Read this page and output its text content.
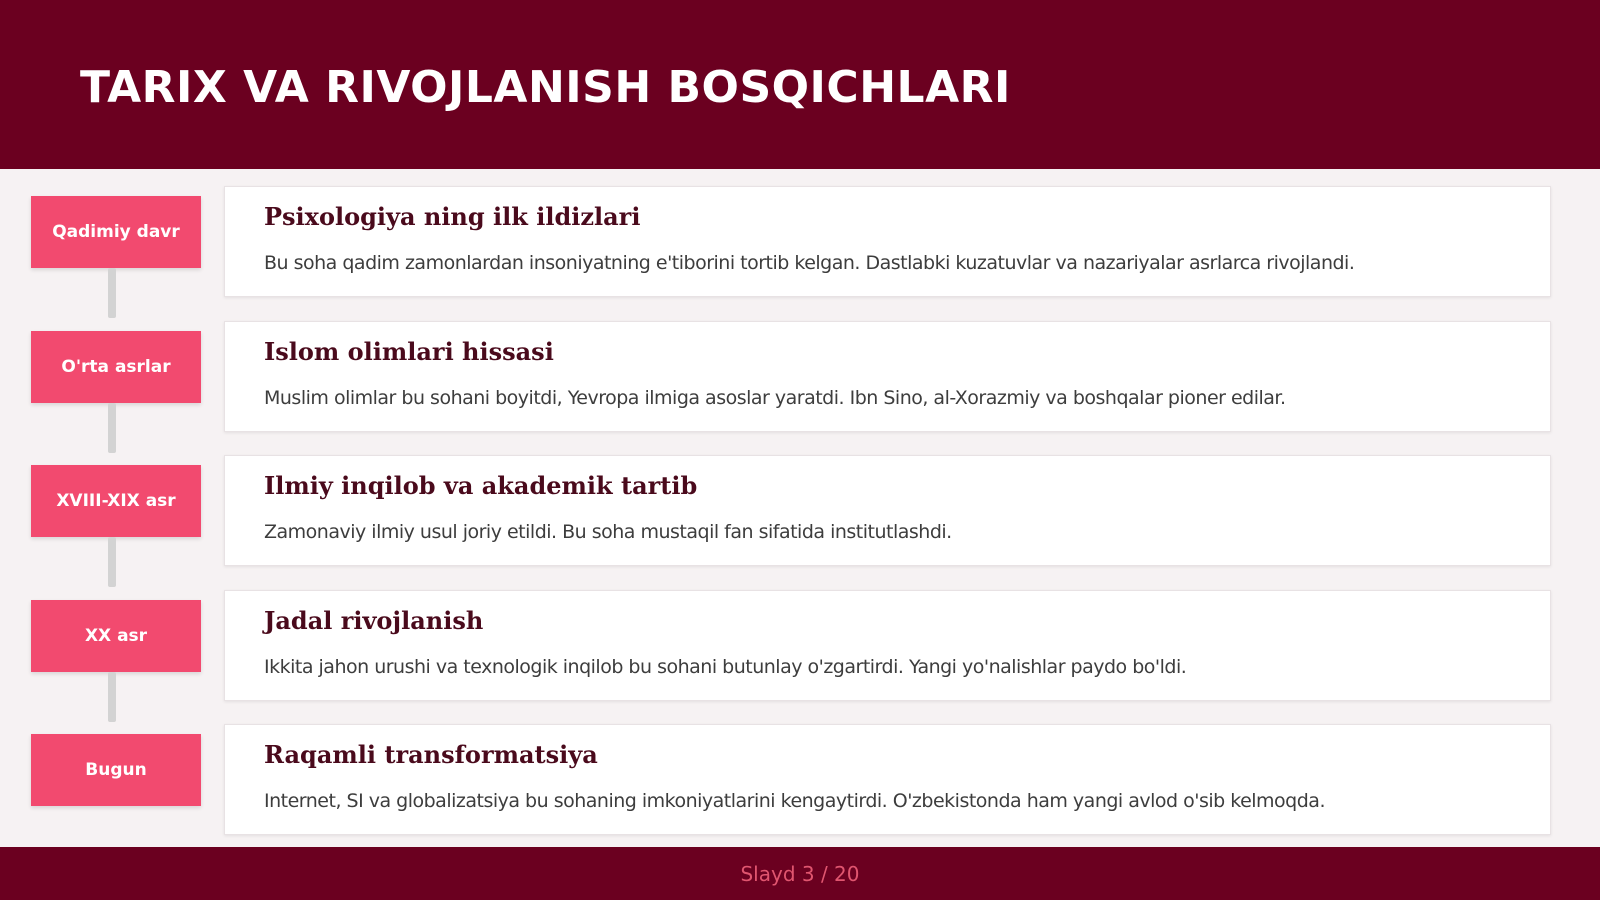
TARIX VA RIVOJLANISH BOSQICHLARI
Qadimiy davr
Psixologiya ning ilk ildizlari

Bu soha qadim zamonlardan insoniyatning e'tiborini tortib kelgan. Dastlabki kuzatuvlar va nazariyalar asrlarca rivojlandi.

O'rta asrlar
Islom olimlari hissasi

Muslim olimlar bu sohani boyitdi, Yevropa ilmiga asoslar yaratdi. Ibn Sino, al-Xorazmiy va boshqalar pioner edilar.

XVIII-XIX asr
Ilmiy inqilob va akademik tartib

Zamonaviy ilmiy usul joriy etildi. Bu soha mustaqil fan sifatida institutlashdi.

XX asr
Jadal rivojlanish

Ikkita jahon urushi va texnologik inqilob bu sohani butunlay o'zgartirdi. Yangi yo'nalishlar paydo bo'ldi.

Bugun
Raqamli transformatsiya

Internet, SI va globalizatsiya bu sohaning imkoniyatlarini kengaytirdi. O'zbekistonda ham yangi avlod o'sib kelmoqda.

Slayd 3 / 20
